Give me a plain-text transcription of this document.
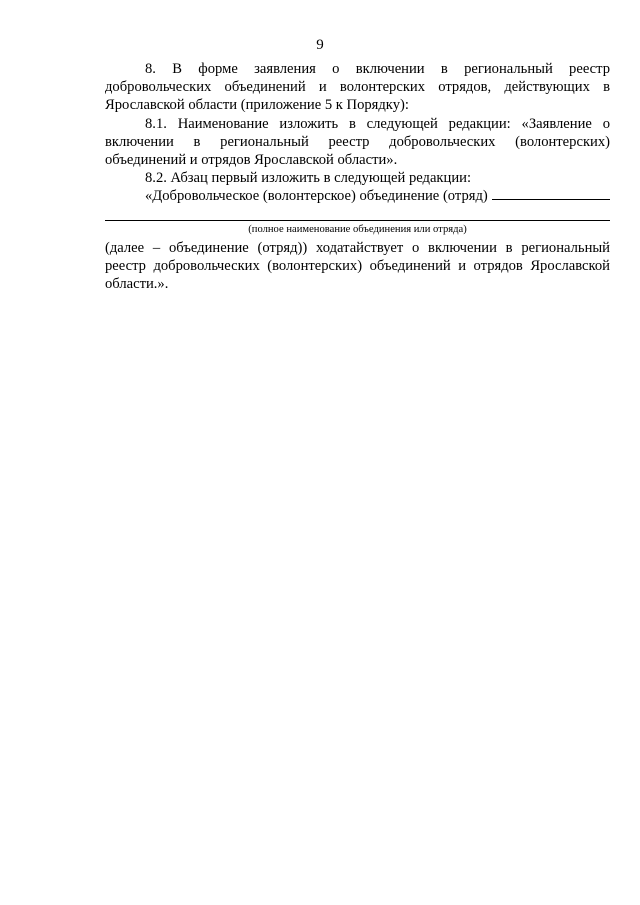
9

8. В форме заявления о включении в региональный реестр добровольческих объединений и волонтерских отрядов, действующих в Ярославской области (приложение 5 к Порядку):

8.1. Наименование изложить в следующей редакции: «Заявление о включении в региональный реестр добровольческих (волонтерских) объединений и отрядов Ярославской области».

8.2. Абзац первый изложить в следующей редакции:

«Добровольческое (волонтерское) объединение (отряд)
(полное наименование объединения или отряда)

(далее – объединение (отряд)) ходатайствует о включении в региональный реестр добровольческих (волонтерских) объединений и отрядов Ярославской области.».
